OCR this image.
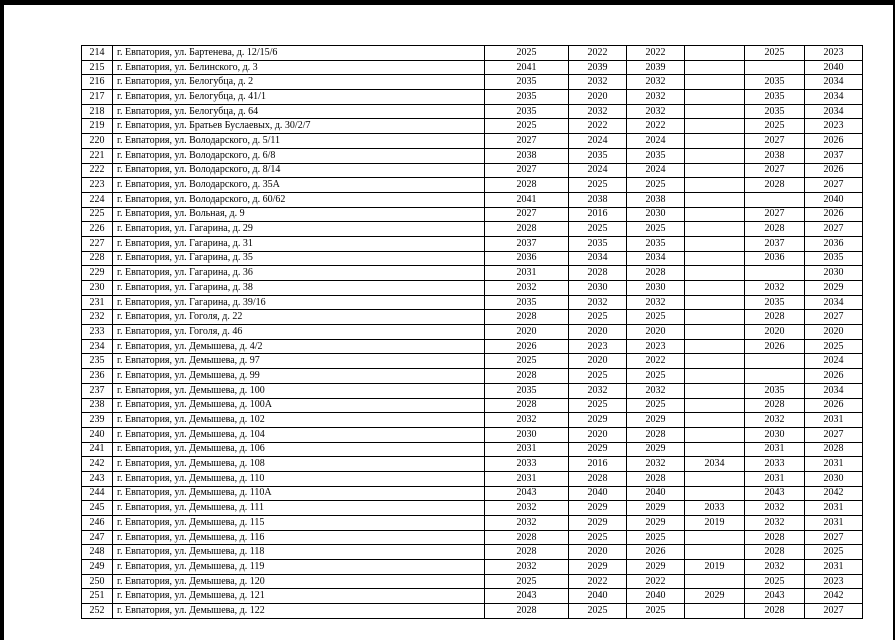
214	г. Евпатория, ул. Бартенева, д. 12/15/6	2025	2022	2022		2025	2023
215	г. Евпатория, ул. Белинского, д. 3	2041	2039	2039			2040
216	г. Евпатория, ул. Белогубца, д. 2	2035	2032	2032		2035	2034
217	г. Евпатория, ул. Белогубца, д. 41/1	2035	2020	2032		2035	2034
218	г. Евпатория, ул. Белогубца, д. 64	2035	2032	2032		2035	2034
219	г. Евпатория, ул. Братьев Буслаевых, д. 30/2/7	2025	2022	2022		2025	2023
220	г. Евпатория, ул. Володарского, д. 5/11	2027	2024	2024		2027	2026
221	г. Евпатория, ул. Володарского, д. 6/8	2038	2035	2035		2038	2037
222	г. Евпатория, ул. Володарского, д. 8/14	2027	2024	2024		2027	2026
223	г. Евпатория, ул. Володарского, д. 35А	2028	2025	2025		2028	2027
224	г. Евпатория, ул. Володарского, д. 60/62	2041	2038	2038			2040
225	г. Евпатория, ул. Вольная, д. 9	2027	2016	2030		2027	2026
226	г. Евпатория, ул. Гагарина, д. 29	2028	2025	2025		2028	2027
227	г. Евпатория, ул. Гагарина, д. 31	2037	2035	2035		2037	2036
228	г. Евпатория, ул. Гагарина, д. 35	2036	2034	2034		2036	2035
229	г. Евпатория, ул. Гагарина, д. 36	2031	2028	2028			2030
230	г. Евпатория, ул. Гагарина, д. 38	2032	2030	2030		2032	2029
231	г. Евпатория, ул. Гагарина, д. 39/16	2035	2032	2032		2035	2034
232	г. Евпатория, ул. Гоголя, д. 22	2028	2025	2025		2028	2027
233	г. Евпатория, ул. Гоголя, д. 46	2020	2020	2020		2020	2020
234	г. Евпатория, ул. Демышева, д. 4/2	2026	2023	2023		2026	2025
235	г. Евпатория, ул. Демышева, д. 97	2025	2020	2022			2024
236	г. Евпатория, ул. Демышева, д. 99	2028	2025	2025			2026
237	г. Евпатория, ул. Демышева, д. 100	2035	2032	2032		2035	2034
238	г. Евпатория, ул. Демышева, д. 100А	2028	2025	2025		2028	2026
239	г. Евпатория, ул. Демышева, д. 102	2032	2029	2029		2032	2031
240	г. Евпатория, ул. Демышева, д. 104	2030	2020	2028		2030	2027
241	г. Евпатория, ул. Демышева, д. 106	2031	2029	2029		2031	2028
242	г. Евпатория, ул. Демышева, д. 108	2033	2016	2032	2034	2033	2031
243	г. Евпатория, ул. Демышева, д. 110	2031	2028	2028		2031	2030
244	г. Евпатория, ул. Демышева, д. 110А	2043	2040	2040		2043	2042
245	г. Евпатория, ул. Демышева, д. 111	2032	2029	2029	2033	2032	2031
246	г. Евпатория, ул. Демышева, д. 115	2032	2029	2029	2019	2032	2031
247	г. Евпатория, ул. Демышева, д. 116	2028	2025	2025		2028	2027
248	г. Евпатория, ул. Демышева, д. 118	2028	2020	2026		2028	2025
249	г. Евпатория, ул. Демышева, д. 119	2032	2029	2029	2019	2032	2031
250	г. Евпатория, ул. Демышева, д. 120	2025	2022	2022		2025	2023
251	г. Евпатория, ул. Демышева, д. 121	2043	2040	2040	2029	2043	2042
252	г. Евпатория, ул. Демышева, д. 122	2028	2025	2025		2028	2027
